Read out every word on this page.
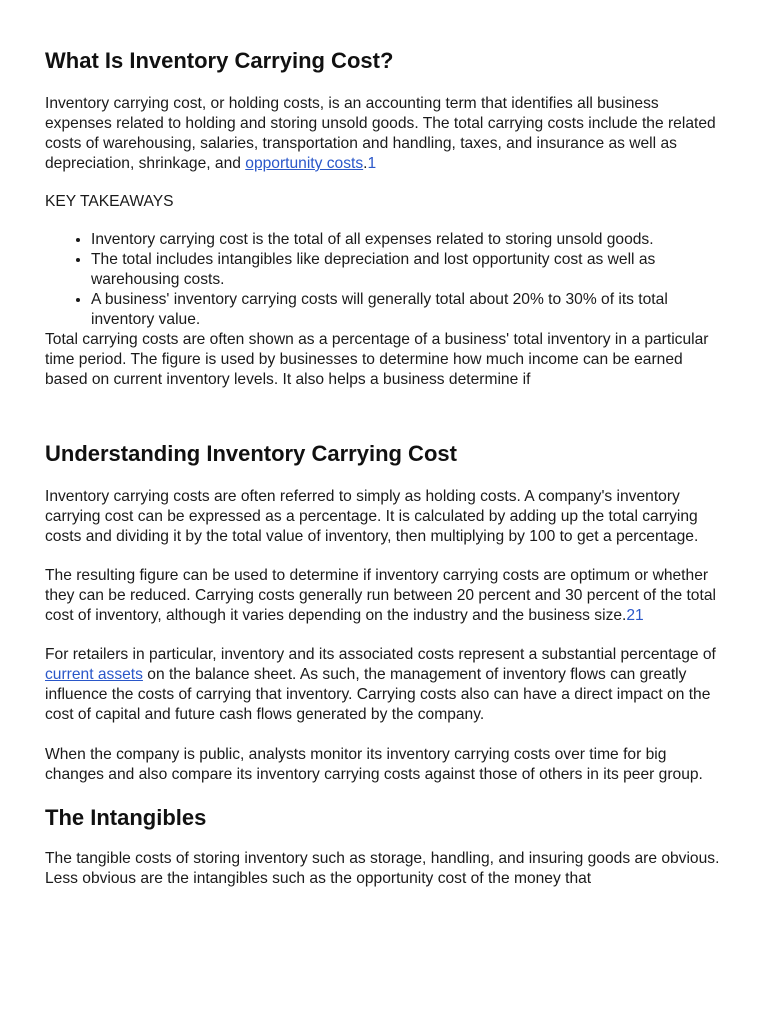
What Is Inventory Carrying Cost?

Inventory carrying cost, or holding costs, is an accounting term that identifies all business expenses related to holding and storing unsold goods. The total carrying costs include the related costs of warehousing, salaries, transportation and handling, taxes, and insurance as well as depreciation, shrinkage, and opportunity costs.1

KEY TAKEAWAYS

• Inventory carrying cost is the total of all expenses related to storing unsold goods.
• The total includes intangibles like depreciation and lost opportunity cost as well as warehousing costs.
• A business' inventory carrying costs will generally total about 20% to 30% of its total inventory value.

Total carrying costs are often shown as a percentage of a business' total inventory in a particular time period. The figure is used by businesses to determine how much income can be earned based on current inventory levels. It also helps a business determine if

Understanding Inventory Carrying Cost

Inventory carrying costs are often referred to simply as holding costs. A company's inventory carrying cost can be expressed as a percentage. It is calculated by adding up the total carrying costs and dividing it by the total value of inventory, then multiplying by 100 to get a percentage.

The resulting figure can be used to determine if inventory carrying costs are optimum or whether they can be reduced. Carrying costs generally run between 20 percent and 30 percent of the total cost of inventory, although it varies depending on the industry and the business size.21

For retailers in particular, inventory and its associated costs represent a substantial percentage of current assets on the balance sheet. As such, the management of inventory flows can greatly influence the costs of carrying that inventory. Carrying costs also can have a direct impact on the cost of capital and future cash flows generated by the company.

When the company is public, analysts monitor its inventory carrying costs over time for big changes and also compare its inventory carrying costs against those of others in its peer group.

The Intangibles

The tangible costs of storing inventory such as storage, handling, and insuring goods are obvious. Less obvious are the intangibles such as the opportunity cost of the money that
